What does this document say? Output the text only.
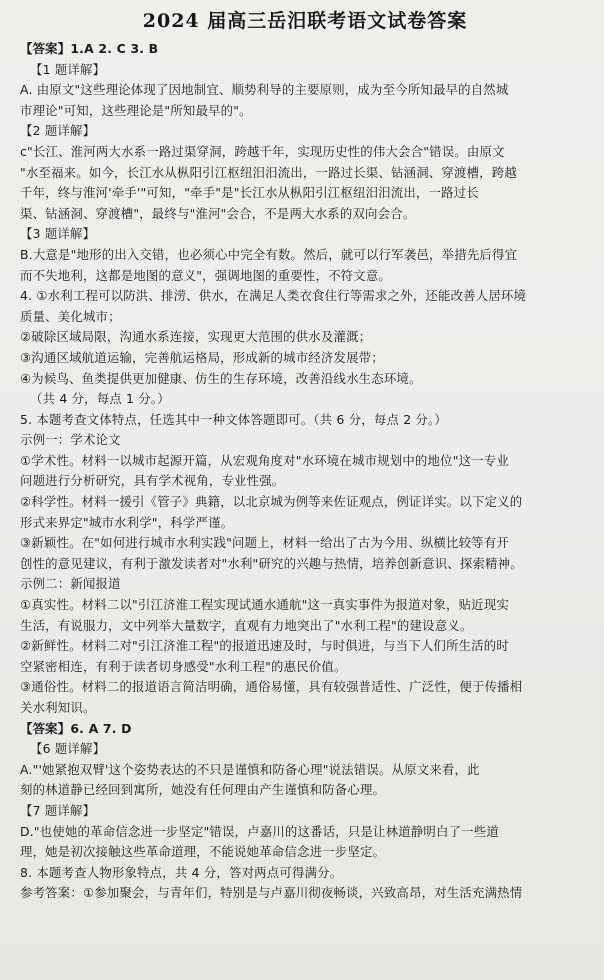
2024 届高三岳汨联考语文试卷答案
【答案】1.A 2. C 3. B
【1 题详解】
A. 由原文"这些理论体现了因地制宜、顺势利导的主要原则，成为至今所知最早的自然城
市理论"可知，这些理论是"所知最早的"。
【2 题详解】
c"长江、淮河两大水系一路过渠穿洞，跨越千年，实现历史性的伟大会合"错误。由原文
"水至福来。如今，长江水从枞阳引江枢纽汨汨流出，一路过长渠、钻涵洞、穿渡槽，跨越
千年，终与淮河'牵手'"可知，"牵手"是"长江水从枞阳引江枢纽汨汨流出，一路过长
渠、钻涵洞、穿渡槽"，最终与"淮河"会合，不是两大水系的双向会合。
【3 题详解】
B.大意是"地形的出入交错，也必须心中完全有数。然后，就可以行军袭邑，举措先后得宜
而不失地利，这都是地图的意义"，强调地图的重要性，不符文意。
4. ①水利工程可以防洪、排涝、供水，在满足人类衣食住行等需求之外，还能改善人居环境
质量、美化城市；
②破除区域局限，沟通水系连接，实现更大范围的供水及灌溉；
③沟通区域航道运输，完善航运格局，形成新的城市经济发展带；
④为候鸟、鱼类提供更加健康、仿生的生存环境，改善沿线水生态环境。
（共 4 分，每点 1 分。）
5. 本题考查文体特点，任选其中一种文体答题即可。（共 6 分，每点 2 分。）
示例一：学术论文
①学术性。材料一以城市起源开篇，从宏观角度对"水环境在城市规划中的地位"这一专业
问题进行分析研究，具有学术视角，专业性强。
②科学性。材料一援引《管子》典籍，以北京城为例等来佐证观点，例证详实。以下定义的
形式来界定"城市水利学"，科学严谨。
③新颖性。在"如何进行城市水利实践"问题上，材料一给出了古为今用、纵横比较等有开
创性的意见建议，有利于激发读者对"水利"研究的兴趣与热情，培养创新意识、探索精神。
示例二：新闻报道
①真实性。材料二以"引江济淮工程实现试通水通航"这一真实事件为报道对象，贴近现实
生活，有说服力，文中列举大量数字，直观有力地突出了"水利工程"的建设意义。
②新鲜性。材料二对"引江济淮工程"的报道迅速及时，与时俱进，与当下人们所生活的时
空紧密相连，有利于读者切身感受"水利工程"的惠民价值。
③通俗性。材料二的报道语言简洁明确，通俗易懂，具有较强普适性、广泛性，便于传播相
关水利知识。
【答案】6. A 7. D
【6 题详解】
A."'她紧抱双臂'这个姿势表达的不只是谨慎和防备心理"说法错误。从原文来看，此
刻的林道静已经回到寓所，她没有任何理由产生谨慎和防备心理。
【7 题详解】
D."也使她的革命信念进一步坚定"错误，卢嘉川的这番话，只是让林道静明白了一些道
理，她是初次接触这些革命道理，不能说她革命信念进一步坚定。
8. 本题考查人物形象特点，共 4 分，答对两点可得满分。
参考答案：①参加聚会，与青年们，特别是与卢嘉川彻夜畅谈，兴致高昂，对生活充满热情
